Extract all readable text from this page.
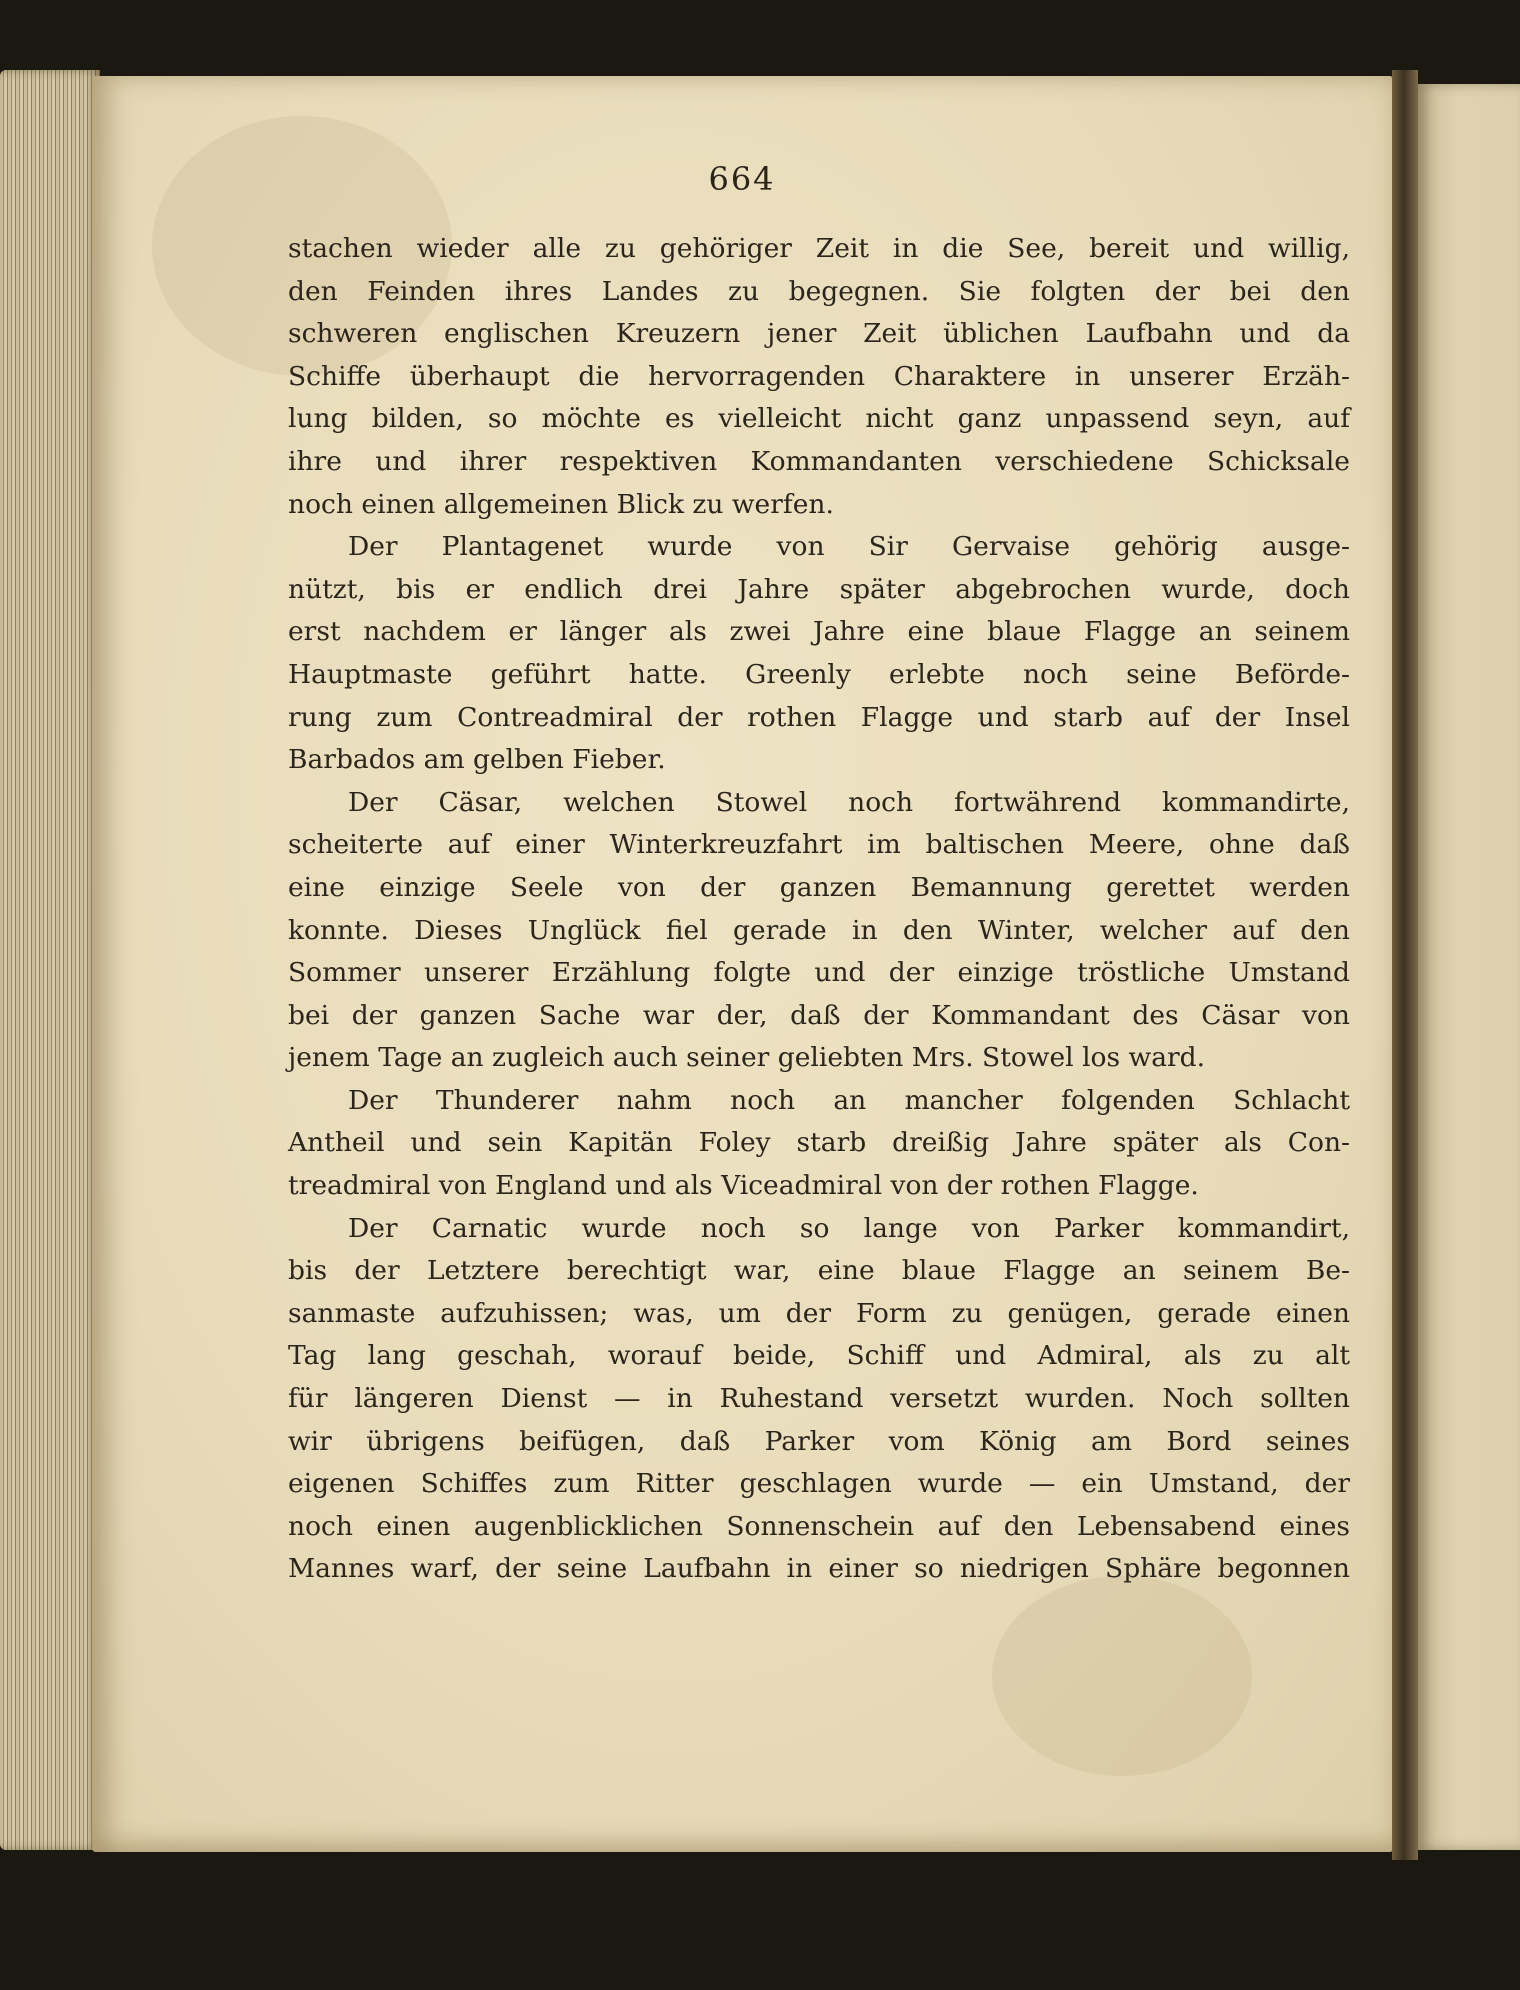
664
stachen wieder alle zu gehöriger Zeit in die See, bereit und willig,
den Feinden ihres Landes zu begegnen. Sie folgten der bei den
schweren englischen Kreuzern jener Zeit üblichen Laufbahn und da
Schiffe überhaupt die hervorragenden Charaktere in unserer Erzäh-
lung bilden, so möchte es vielleicht nicht ganz unpassend seyn, auf
ihre und ihrer respektiven Kommandanten verschiedene Schicksale
noch einen allgemeinen Blick zu werfen.
Der Plantagenet wurde von Sir Gervaise gehörig ausge-
nützt, bis er endlich drei Jahre später abgebrochen wurde, doch
erst nachdem er länger als zwei Jahre eine blaue Flagge an seinem
Hauptmaste geführt hatte. Greenly erlebte noch seine Beförde-
rung zum Contreadmiral der rothen Flagge und starb auf der Insel
Barbados am gelben Fieber.
Der Cäsar, welchen Stowel noch fortwährend kommandirte,
scheiterte auf einer Winterkreuzfahrt im baltischen Meere, ohne daß
eine einzige Seele von der ganzen Bemannung gerettet werden
konnte. Dieses Unglück fiel gerade in den Winter, welcher auf den
Sommer unserer Erzählung folgte und der einzige tröstliche Umstand
bei der ganzen Sache war der, daß der Kommandant des Cäsar von
jenem Tage an zugleich auch seiner geliebten Mrs. Stowel los ward.
Der Thunderer nahm noch an mancher folgenden Schlacht
Antheil und sein Kapitän Foley starb dreißig Jahre später als Con-
treadmiral von England und als Viceadmiral von der rothen Flagge.
Der Carnatic wurde noch so lange von Parker kommandirt,
bis der Letztere berechtigt war, eine blaue Flagge an seinem Be-
sanmaste aufzuhissen; was, um der Form zu genügen, gerade einen
Tag lang geschah, worauf beide, Schiff und Admiral, als zu alt
für längeren Dienst — in Ruhestand versetzt wurden. Noch sollten
wir übrigens beifügen, daß Parker vom König am Bord seines
eigenen Schiffes zum Ritter geschlagen wurde — ein Umstand, der
noch einen augenblicklichen Sonnenschein auf den Lebensabend eines
Mannes warf, der seine Laufbahn in einer so niedrigen Sphäre begonnen
